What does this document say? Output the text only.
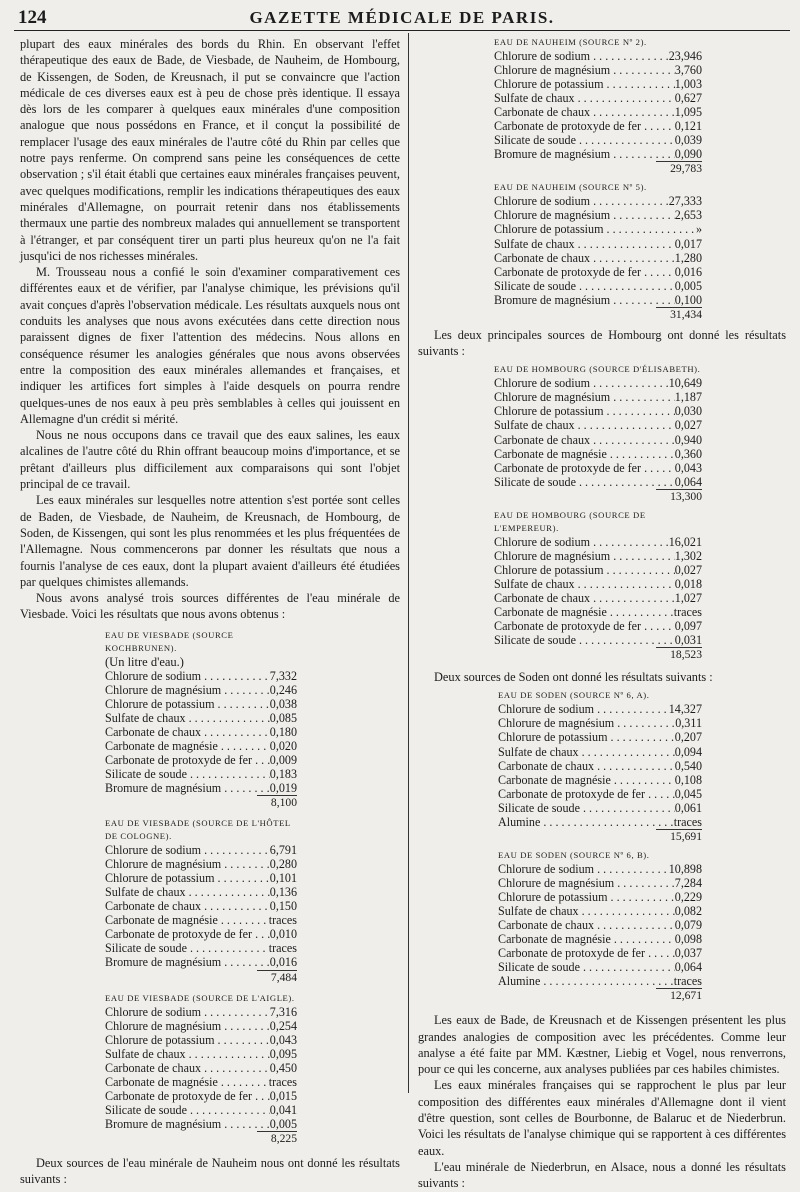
124	GAZETTE MÉDICALE DE PARIS.

plupart des eaux minérales des bords du Rhin. En observant l'effet thérapeutique des eaux de Bade, de Viesbade, de Nauheim, de Hombourg, de Kissengen, de Soden, de Kreusnach, il put se convaincre que l'action médicale de ces diverses eaux est à peu de chose près identique. Il essaya dès lors de les comparer à quelques eaux minérales d'une composition analogue que nous possédons en France, et il conçut la possibilité de remplacer l'usage des eaux minérales de l'autre côté du Rhin par celles que notre pays renferme. On comprend sans peine les conséquences de cette observation ; s'il était établi que certaines eaux minérales françaises peuvent, avec quelques modifications, remplir les indications thérapeutiques des eaux minérales d'Allemagne, on pourrait retenir dans nos établissements thermaux une partie des nombreux malades qui annuellement se transportent à l'étranger, et par conséquent tirer un parti plus heureux qu'on ne l'a fait jusqu'ici de nos richesses minérales.

M. Trousseau nous a confié le soin d'examiner comparativement ces différentes eaux et de vérifier, par l'analyse chimique, les prévisions qu'il avait conçues d'après l'observation médicale. Les résultats auxquels nous ont conduits les analyses que nous avons exécutées dans cette direction nous paraissent dignes de fixer l'attention des médecins. Nous allons en conséquence résumer les analogies générales que nous avons observées entre la composition des eaux minérales allemandes et françaises, et indiquer les artifices fort simples à l'aide desquels on pourra rendre quelques-unes de nos eaux à peu près semblables à celles qui jouissent en Allemagne d'un crédit si mérité.

Nous ne nous occupons dans ce travail que des eaux salines, les eaux alcalines de l'autre côté du Rhin offrant beaucoup moins d'importance, et se prêtant d'ailleurs plus difficilement aux comparaisons qui sont l'objet principal de ce travail.

Les eaux minérales sur lesquelles notre attention s'est portée sont celles de Baden, de Viesbade, de Nauheim, de Kreusnach, de Hombourg, de Soden, de Kissengen, qui sont les plus renommées et les plus fréquentées de l'Allemagne. Nous commencerons par donner les résultats que nous a fournis l'analyse de ces eaux, dont la plupart avaient d'ailleurs été étudiées par quelques chimistes allemands.

Nous avons analysé trois sources différentes de l'eau minérale de Viesbade. Voici les résultats que nous avons obtenus :

EAU DE VIESBADE (SOURCE KOCHBRUNEN).

(Un litre d'eau.)

Chlorure de sodium . . .	7,332
Chlorure de magnésium . . .	0,246
Chlorure de potassium . . .	0,038
Sulfate de chaux . . .	0,085
Carbonate de chaux . . .	0,180
Carbonate de magnésie . . .	0,020
Carbonate de protoxyde de fer . . .	0,009
Silicate de soude . . .	0,183
Bromure de magnésium . . .	0,019

8,100

EAU DE VIESBADE (SOURCE DE L'HÔTEL DE COLOGNE).

Chlorure de sodium . . .	6,791
Chlorure de magnésium . . .	0,280
Chlorure de potassium . . .	0,101
Sulfate de chaux . . .	0,136
Carbonate de chaux . . .	0,150
Carbonate de magnésie . . .	traces
Carbonate de protoxyde de fer . . .	0,010
Silicate de soude . . .	traces
Bromure de magnésium . . .	0,016

7,484

EAU DE VIESBADE (SOURCE DE L'AIGLE).

Chlorure de sodium . . .	7,316
Chlorure de magnésium . . .	0,254
Chlorure de potassium . . .	0,043
Sulfate de chaux . . .	0,095
Carbonate de chaux . . .	0,450
Carbonate de magnésie . . .	traces
Carbonate de protoxyde de fer . . .	0,015
Silicate de soude . . .	0,041
Bromure de magnésium . . .	0,005

8,225

Deux sources de l'eau minérale de Nauheim nous ont donné les résultats suivants :

EAU DE NAUHEIM (SOURCE Nº 2).

Chlorure de sodium . . .	23,946
Chlorure de magnésium . . .	3,760
Chlorure de potassium . . .	1,003
Sulfate de chaux . . .	0,627
Carbonate de chaux . . .	1,095
Carbonate de protoxyde de fer . . .	0,121
Silicate de soude . . .	0,039
Bromure de magnésium . . .	0,090

29,783

EAU DE NAUHEIM (SOURCE Nº 5).

Chlorure de sodium . . .	27,333
Chlorure de magnésium . . .	2,653
Chlorure de potassium . . .	»
Sulfate de chaux . . .	0,017
Carbonate de chaux . . .	1,280
Carbonate de protoxyde de fer . . .	0,016
Silicate de soude . . .	0,005
Bromure de magnésium . . .	0,100

31,434

Les deux principales sources de Hombourg ont donné les résultats suivants :

EAU DE HOMBOURG (SOURCE D'ÉLISABETH).

Chlorure de sodium . . .	10,649
Chlorure de magnésium . . .	1,187
Chlorure de potassium . . .	0,030
Sulfate de chaux . . .	0,027
Carbonate de chaux . . .	0,940
Carbonate de magnésie . . .	0,360
Carbonate de protoxyde de fer . . .	0,043
Silicate de soude . . .	0,064

13,300

EAU DE HOMBOURG (SOURCE DE L'EMPEREUR).

Chlorure de sodium . . .	16,021
Chlorure de magnésium . . .	1,302
Chlorure de potassium . . .	0,027
Sulfate de chaux . . .	0,018
Carbonate de chaux . . .	1,027
Carbonate de magnésie . . .	traces
Carbonate de protoxyde de fer . . .	0,097
Silicate de soude . . .	0,031

18,523

Deux sources de Soden ont donné les résultats suivants :

EAU DE SODEN (SOURCE Nº 6, A).

Chlorure de sodium . . .	14,327
Chlorure de magnésium . . .	0,311
Chlorure de potassium . . .	0,207
Sulfate de chaux . . .	0,094
Carbonate de chaux . . .	0,540
Carbonate de magnésie . . .	0,108
Carbonate de protoxyde de fer . . .	0,045
Silicate de soude . . .	0,061
Alumine . . .	traces

15,691

EAU DE SODEN (SOURCE Nº 6, B).

Chlorure de sodium . . .	10,898
Chlorure de magnésium . . .	7,284
Chlorure de potassium . . .	0,229
Sulfate de chaux . . .	0,082
Carbonate de chaux . . .	0,079
Carbonate de magnésie . . .	0,098
Carbonate de protoxyde de fer . . .	0,037
Silicate de soude . . .	0,064
Alumine . . .	traces

12,671

Les eaux de Bade, de Kreusnach et de Kissengen présentent les plus grandes analogies de composition avec les précédentes. Comme leur analyse a été faite par MM. Kæstner, Liebig et Vogel, nous renverrons, pour ce qui les concerne, aux analyses publiées par ces habiles chimistes.

Les eaux minérales françaises qui se rapprochent le plus par leur composition des différentes eaux minérales d'Allemagne dont il vient d'être question, sont celles de Bourbonne, de Balaruc et de Niederbrun. Voici les résultats de l'analyse chimique qui se rapportent à ces différentes eaux.

L'eau minérale de Niederbrun, en Alsace, nous a donné les résultats suivants :
